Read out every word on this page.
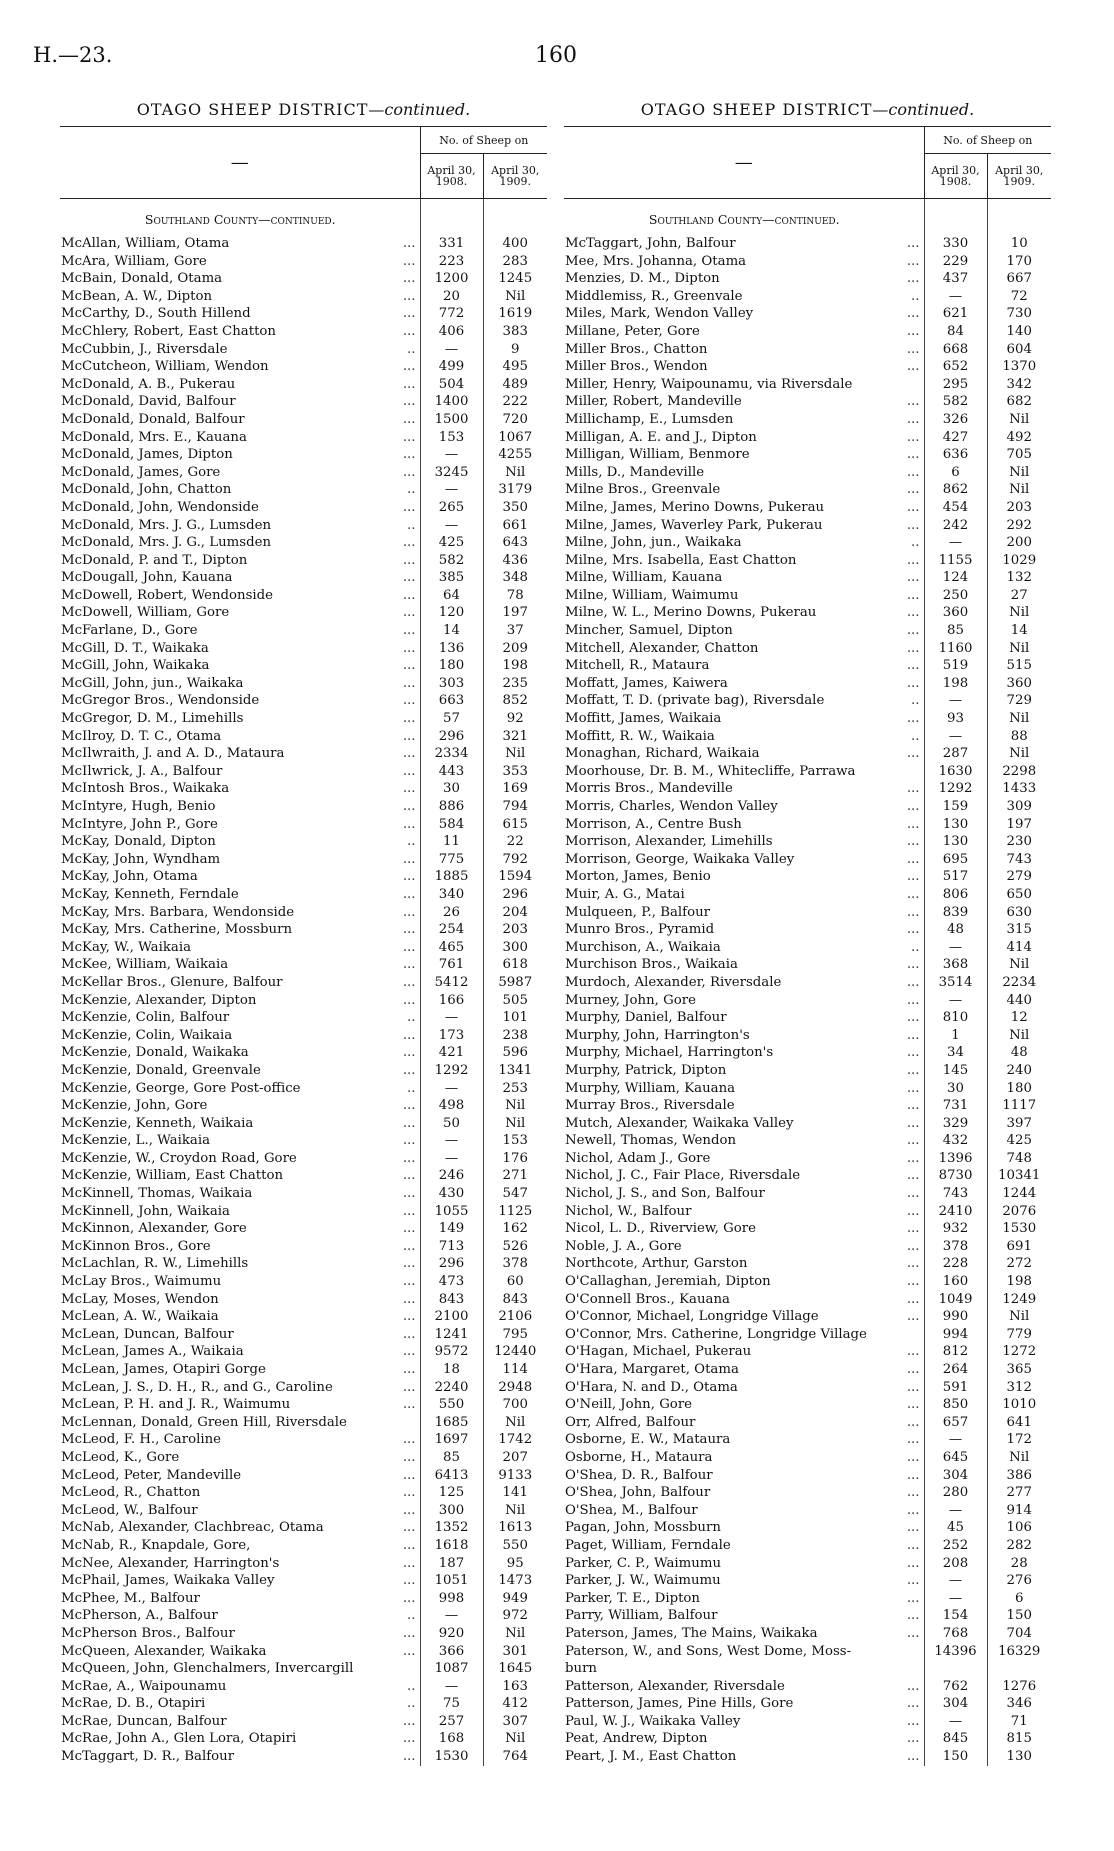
H.—23.	160
OTAGO SHEEP DISTRICT—continued.
—	No. of Sheep on	
	April 30, 1908.	April 30, 1909.

Southland County—continued.		

...
McAllan, William, Otama	331	400

...
McAra, William, Gore	223	283

...
McBain, Donald, Otama	1200	1245

...
McBean, A. W., Dipton	20	Nil

...
McCarthy, D., South Hillend	772	1619

...
McChlery, Robert, East Chatton	406	383

..
McCubbin, J., Riversdale	—	9

...
McCutcheon, William, Wendon	499	495

...
McDonald, A. B., Pukerau	504	489

...
McDonald, David, Balfour	1400	222

...
McDonald, Donald, Balfour	1500	720

...
McDonald, Mrs. E., Kauana	153	1067

...
McDonald, James, Dipton	—	4255

...
McDonald, James, Gore	3245	Nil

..
McDonald, John, Chatton	—	3179

...
McDonald, John, Wendonside	265	350

..
McDonald, Mrs. J. G., Lumsden	—	661

...
McDonald, Mrs. J. G., Lumsden	425	643

...
McDonald, P. and T., Dipton	582	436

...
McDougall, John, Kauana	385	348

...
McDowell, Robert, Wendonside	64	78

...
McDowell, William, Gore	120	197

...
McFarlane, D., Gore	14	37

...
McGill, D. T., Waikaka	136	209

...
McGill, John, Waikaka	180	198

...
McGill, John, jun., Waikaka	303	235

...
McGregor Bros., Wendonside	663	852

...
McGregor, D. M., Limehills	57	92

...
McIlroy, D. T. C., Otama	296	321

...
McIlwraith, J. and A. D., Mataura	2334	Nil

...
McIlwrick, J. A., Balfour	443	353

...
McIntosh Bros., Waikaka	30	169

...
McIntyre, Hugh, Benio	886	794

...
McIntyre, John P., Gore	584	615

..
McKay, Donald, Dipton	11	22

...
McKay, John, Wyndham	775	792

...
McKay, John, Otama	1885	1594

...
McKay, Kenneth, Ferndale	340	296

...
McKay, Mrs. Barbara, Wendonside	26	204

...
McKay, Mrs. Catherine, Mossburn	254	203

...
McKay, W., Waikaia	465	300

...
McKee, William, Waikaia	761	618

...
McKellar Bros., Glenure, Balfour	5412	5987

...
McKenzie, Alexander, Dipton	166	505

..
McKenzie, Colin, Balfour	—	101

...
McKenzie, Colin, Waikaia	173	238

...
McKenzie, Donald, Waikaka	421	596

...
McKenzie, Donald, Greenvale	1292	1341

..
McKenzie, George, Gore Post-office	—	253

...
McKenzie, John, Gore	498	Nil

...
McKenzie, Kenneth, Waikaia	50	Nil

...
McKenzie, L., Waikaia	—	153

...
McKenzie, W., Croydon Road, Gore	—	176

...
McKenzie, William, East Chatton	246	271

...
McKinnell, Thomas, Waikaia	430	547

...
McKinnell, John, Waikaia	1055	1125

...
McKinnon, Alexander, Gore	149	162

...
McKinnon Bros., Gore	713	526

...
McLachlan, R. W., Limehills	296	378

...
McLay Bros., Waimumu	473	60

...
McLay, Moses, Wendon	843	843

...
McLean, A. W., Waikaia	2100	2106

...
McLean, Duncan, Balfour	1241	795

...
McLean, James A., Waikaia	9572	12440

...
McLean, James, Otapiri Gorge	18	114

...
McLean, J. S., D. H., R., and G., Caroline	2240	2948

...
McLean, P. H. and J. R., Waimumu	550	700

McLennan, Donald, Green Hill, Riversdale	1685	Nil

...
McLeod, F. H., Caroline	1697	1742

...
McLeod, K., Gore	85	207

...
McLeod, Peter, Mandeville	6413	9133

...
McLeod, R., Chatton	125	141

...
McLeod, W., Balfour	300	Nil

...
McNab, Alexander, Clachbreac, Otama	1352	1613

...
McNab, R., Knapdale, Gore,	1618	550

...
McNee, Alexander, Harrington's	187	95

...
McPhail, James, Waikaka Valley	1051	1473

...
McPhee, M., Balfour	998	949

..
McPherson, A., Balfour	—	972

...
McPherson Bros., Balfour	920	Nil

...
McQueen, Alexander, Waikaka	366	301

McQueen, John, Glenchalmers, Invercargill	1087	1645

..
McRae, A., Waipounamu	—	163

..
McRae, D. B., Otapiri	75	412

...
McRae, Duncan, Balfour	257	307

...
McRae, John A., Glen Lora, Otapiri	168	Nil

...
McTaggart, D. R., Balfour	1530	764
OTAGO SHEEP DISTRICT—continued.
—	No. of Sheep on	
	April 30, 1908.	April 30, 1909.

Southland County—continued.		

...
McTaggart, John, Balfour	330	10

...
Mee, Mrs. Johanna, Otama	229	170

...
Menzies, D. M., Dipton	437	667

..
Middlemiss, R., Greenvale	—	72

...
Miles, Mark, Wendon Valley	621	730

...
Millane, Peter, Gore	84	140

...
Miller Bros., Chatton	668	604

...
Miller Bros., Wendon	652	1370

Miller, Henry, Waipounamu, via Riversdale	295	342

...
Miller, Robert, Mandeville	582	682

...
Millichamp, E., Lumsden	326	Nil

...
Milligan, A. E. and J., Dipton	427	492

...
Milligan, William, Benmore	636	705

...
Mills, D., Mandeville	6	Nil

...
Milne Bros., Greenvale	862	Nil

...
Milne, James, Merino Downs, Pukerau	454	203

...
Milne, James, Waverley Park, Pukerau	242	292

..
Milne, John, jun., Waikaka	—	200

...
Milne, Mrs. Isabella, East Chatton	1155	1029

...
Milne, William, Kauana	124	132

...
Milne, William, Waimumu	250	27

...
Milne, W. L., Merino Downs, Pukerau	360	Nil

...
Mincher, Samuel, Dipton	85	14

...
Mitchell, Alexander, Chatton	1160	Nil

...
Mitchell, R., Mataura	519	515

...
Moffatt, James, Kaiwera	198	360

..
Moffatt, T. D. (private bag), Riversdale	—	729

...
Moffitt, James, Waikaia	93	Nil

..
Moffitt, R. W., Waikaia	—	88

...
Monaghan, Richard, Waikaia	287	Nil

Moorhouse, Dr. B. M., Whitecliffe, Parrawa	1630	2298

...
Morris Bros., Mandeville	1292	1433

...
Morris, Charles, Wendon Valley	159	309

...
Morrison, A., Centre Bush	130	197

...
Morrison, Alexander, Limehills	130	230

...
Morrison, George, Waikaka Valley	695	743

...
Morton, James, Benio	517	279

...
Muir, A. G., Matai	806	650

...
Mulqueen, P., Balfour	839	630

...
Munro Bros., Pyramid	48	315

..
Murchison, A., Waikaia	—	414

...
Murchison Bros., Waikaia	368	Nil

...
Murdoch, Alexander, Riversdale	3514	2234

...
Murney, John, Gore	—	440

...
Murphy, Daniel, Balfour	810	12

...
Murphy, John, Harrington's	1	Nil

...
Murphy, Michael, Harrington's	34	48

...
Murphy, Patrick, Dipton	145	240

...
Murphy, William, Kauana	30	180

...
Murray Bros., Riversdale	731	1117

...
Mutch, Alexander, Waikaka Valley	329	397

...
Newell, Thomas, Wendon	432	425

...
Nichol, Adam J., Gore	1396	748

...
Nichol, J. C., Fair Place, Riversdale	8730	10341

...
Nichol, J. S., and Son, Balfour	743	1244

...
Nichol, W., Balfour	2410	2076

...
Nicol, L. D., Riverview, Gore	932	1530

...
Noble, J. A., Gore	378	691

...
Northcote, Arthur, Garston	228	272

...
O'Callaghan, Jeremiah, Dipton	160	198

...
O'Connell Bros., Kauana	1049	1249

...
O'Connor, Michael, Longridge Village	990	Nil

O'Connor, Mrs. Catherine, Longridge Village	994	779

...
O'Hagan, Michael, Pukerau	812	1272

...
O'Hara, Margaret, Otama	264	365

...
O'Hara, N. and D., Otama	591	312

...
O'Neill, John, Gore	850	1010

...
Orr, Alfred, Balfour	657	641

...
Osborne, E. W., Mataura	—	172

...
Osborne, H., Mataura	645	Nil

...
O'Shea, D. R., Balfour	304	386

...
O'Shea, John, Balfour	280	277

...
O'Shea, M., Balfour	—	914

...
Pagan, John, Mossburn	45	106

...
Paget, William, Ferndale	252	282

...
Parker, C. P., Waimumu	208	28

...
Parker, J. W., Waimumu	—	276

...
Parker, T. E., Dipton	—	6

...
Parry, William, Balfour	154	150

...
Paterson, James, The Mains, Waikaka	768	704

Paterson, W., and Sons, West Dome, Moss-	14396	16329

burn		

...
Patterson, Alexander, Riversdale	762	1276

...
Patterson, James, Pine Hills, Gore	304	346

...
Paul, W. J., Waikaka Valley	—	71

...
Peat, Andrew, Dipton	845	815

...
Peart, J. M., East Chatton	150	130
